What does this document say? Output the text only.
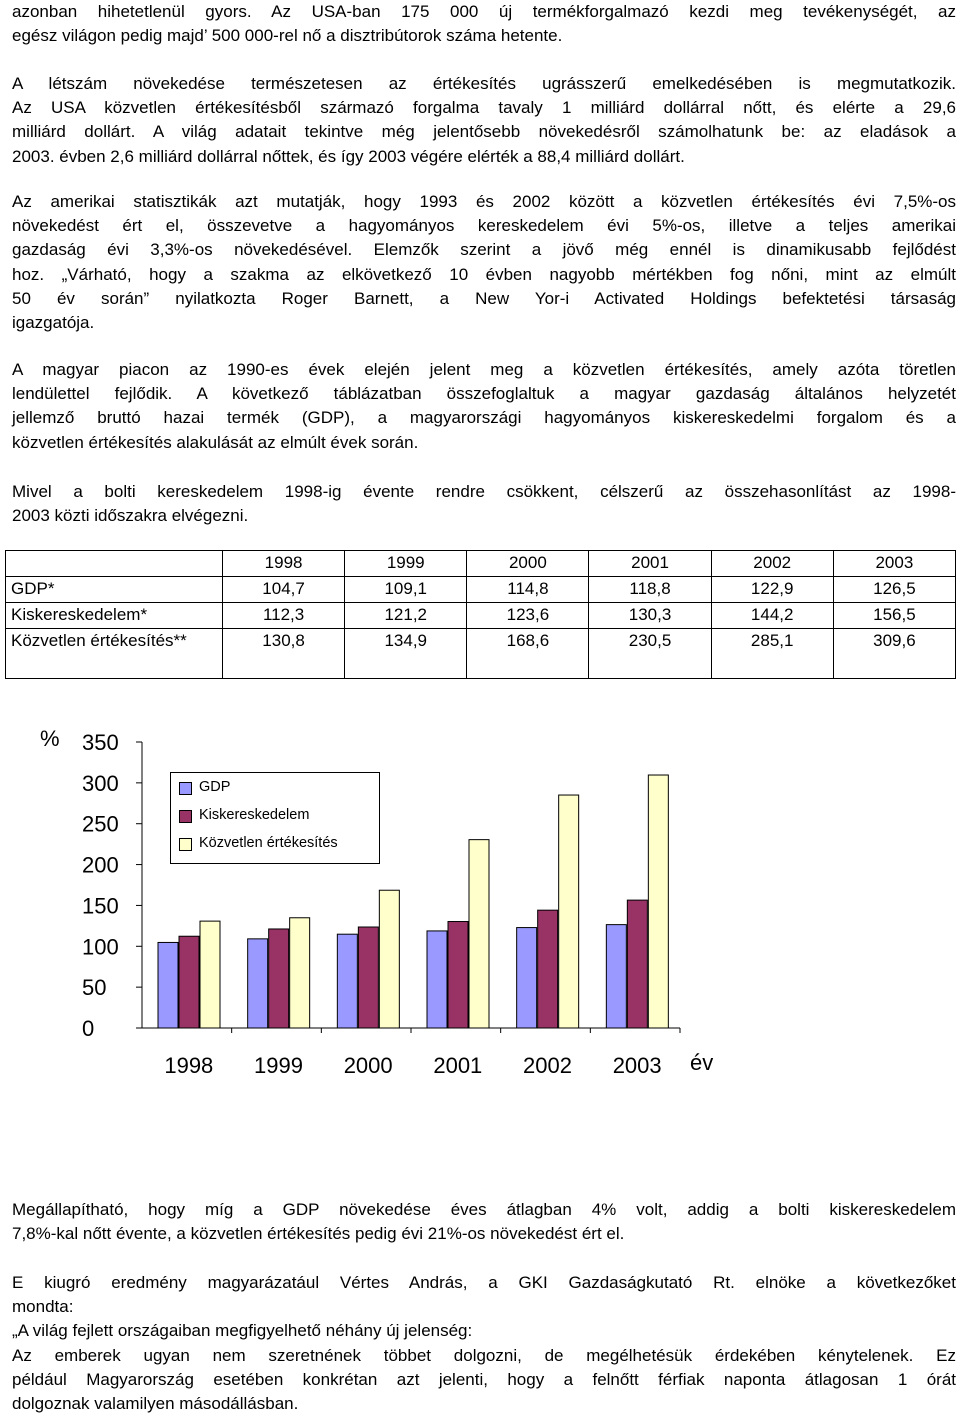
azonban hihetetlenül gyors. Az USA-ban 175 000 új termékforgalmazó kezdi meg tevékenységét, az
egész világon pedig majd’ 500 000-rel nő a disztribútorok száma hetente.

A létszám növekedése természetesen az értékesítés ugrásszerű emelkedésében is megmutatkozik.
Az USA közvetlen értékesítésből származó forgalma tavaly 1 milliárd dollárral nőtt, és elérte a 29,6
milliárd dollárt. A világ adatait tekintve még jelentősebb növekedésről számolhatunk be: az eladások a
2003. évben 2,6 milliárd dollárral nőttek, és így 2003 végére elérték a 88,4 milliárd dollárt.

Az amerikai statisztikák azt mutatják, hogy 1993 és 2002 között a közvetlen értékesítés évi 7,5%-os
növekedést ért el, összevetve a hagyományos kereskedelem évi 5%-os, illetve a teljes amerikai
gazdaság évi 3,3%-os növekedésével. Elemzők szerint a jövő még ennél is dinamikusabb fejlődést
hoz. „Várható, hogy a szakma az elkövetkező 10 évben nagyobb mértékben fog nőni, mint az elmúlt
50 év során” nyilatkozta Roger Barnett, a New Yor-i Activated Holdings befektetési társaság
igazgatója.

A magyar piacon az 1990-es évek elején jelent meg a közvetlen értékesítés, amely azóta töretlen
lendülettel fejlődik. A következő táblázatban összefoglaltuk a magyar gazdaság általános helyzetét
jellemző bruttó hazai termék (GDP), a magyarországi hagyományos kiskereskedelmi forgalom és a
közvetlen értékesítés alakulását az elmúlt évek során.

Mivel a bolti kereskedelem 1998-ig évente rendre csökkent, célszerű az összehasonlítást az 1998-
2003 közti időszakra elvégezni.

	1998	1999	2000	2001	2002	2003
GDP*	104,7	109,1	114,8	118,8	122,9	126,5
Kiskereskedelem*	112,3	121,2	123,6	130,3	144,2	156,5
Közvetlen értékesítés**	130,8	134,9	168,6	230,5	285,1	309,6
350
300
250
200
150
100
50
0
%
1998 1999 2000 2001 2002 2003 év
GDP
Kiskereskedelem
Közvetlen értékesítés

Megállapítható, hogy míg a GDP növekedése éves átlagban 4% volt, addig a bolti kiskereskedelem
7,8%-kal nőtt évente, a közvetlen értékesítés pedig évi 21%-os növekedést ért el.

E kiugró eredmény magyarázatául Vértes András, a GKI Gazdaságkutató Rt. elnöke a következőket
mondta:
„A világ fejlett országaiban megfigyelhető néhány új jelenség:
Az emberek ugyan nem szeretnének többet dolgozni, de megélhetésük érdekében kénytelenek. Ez
például Magyarország esetében konkrétan azt jelenti, hogy a felnőtt férfiak naponta átlagosan 1 órát
dolgoznak valamilyen másodállásban.
